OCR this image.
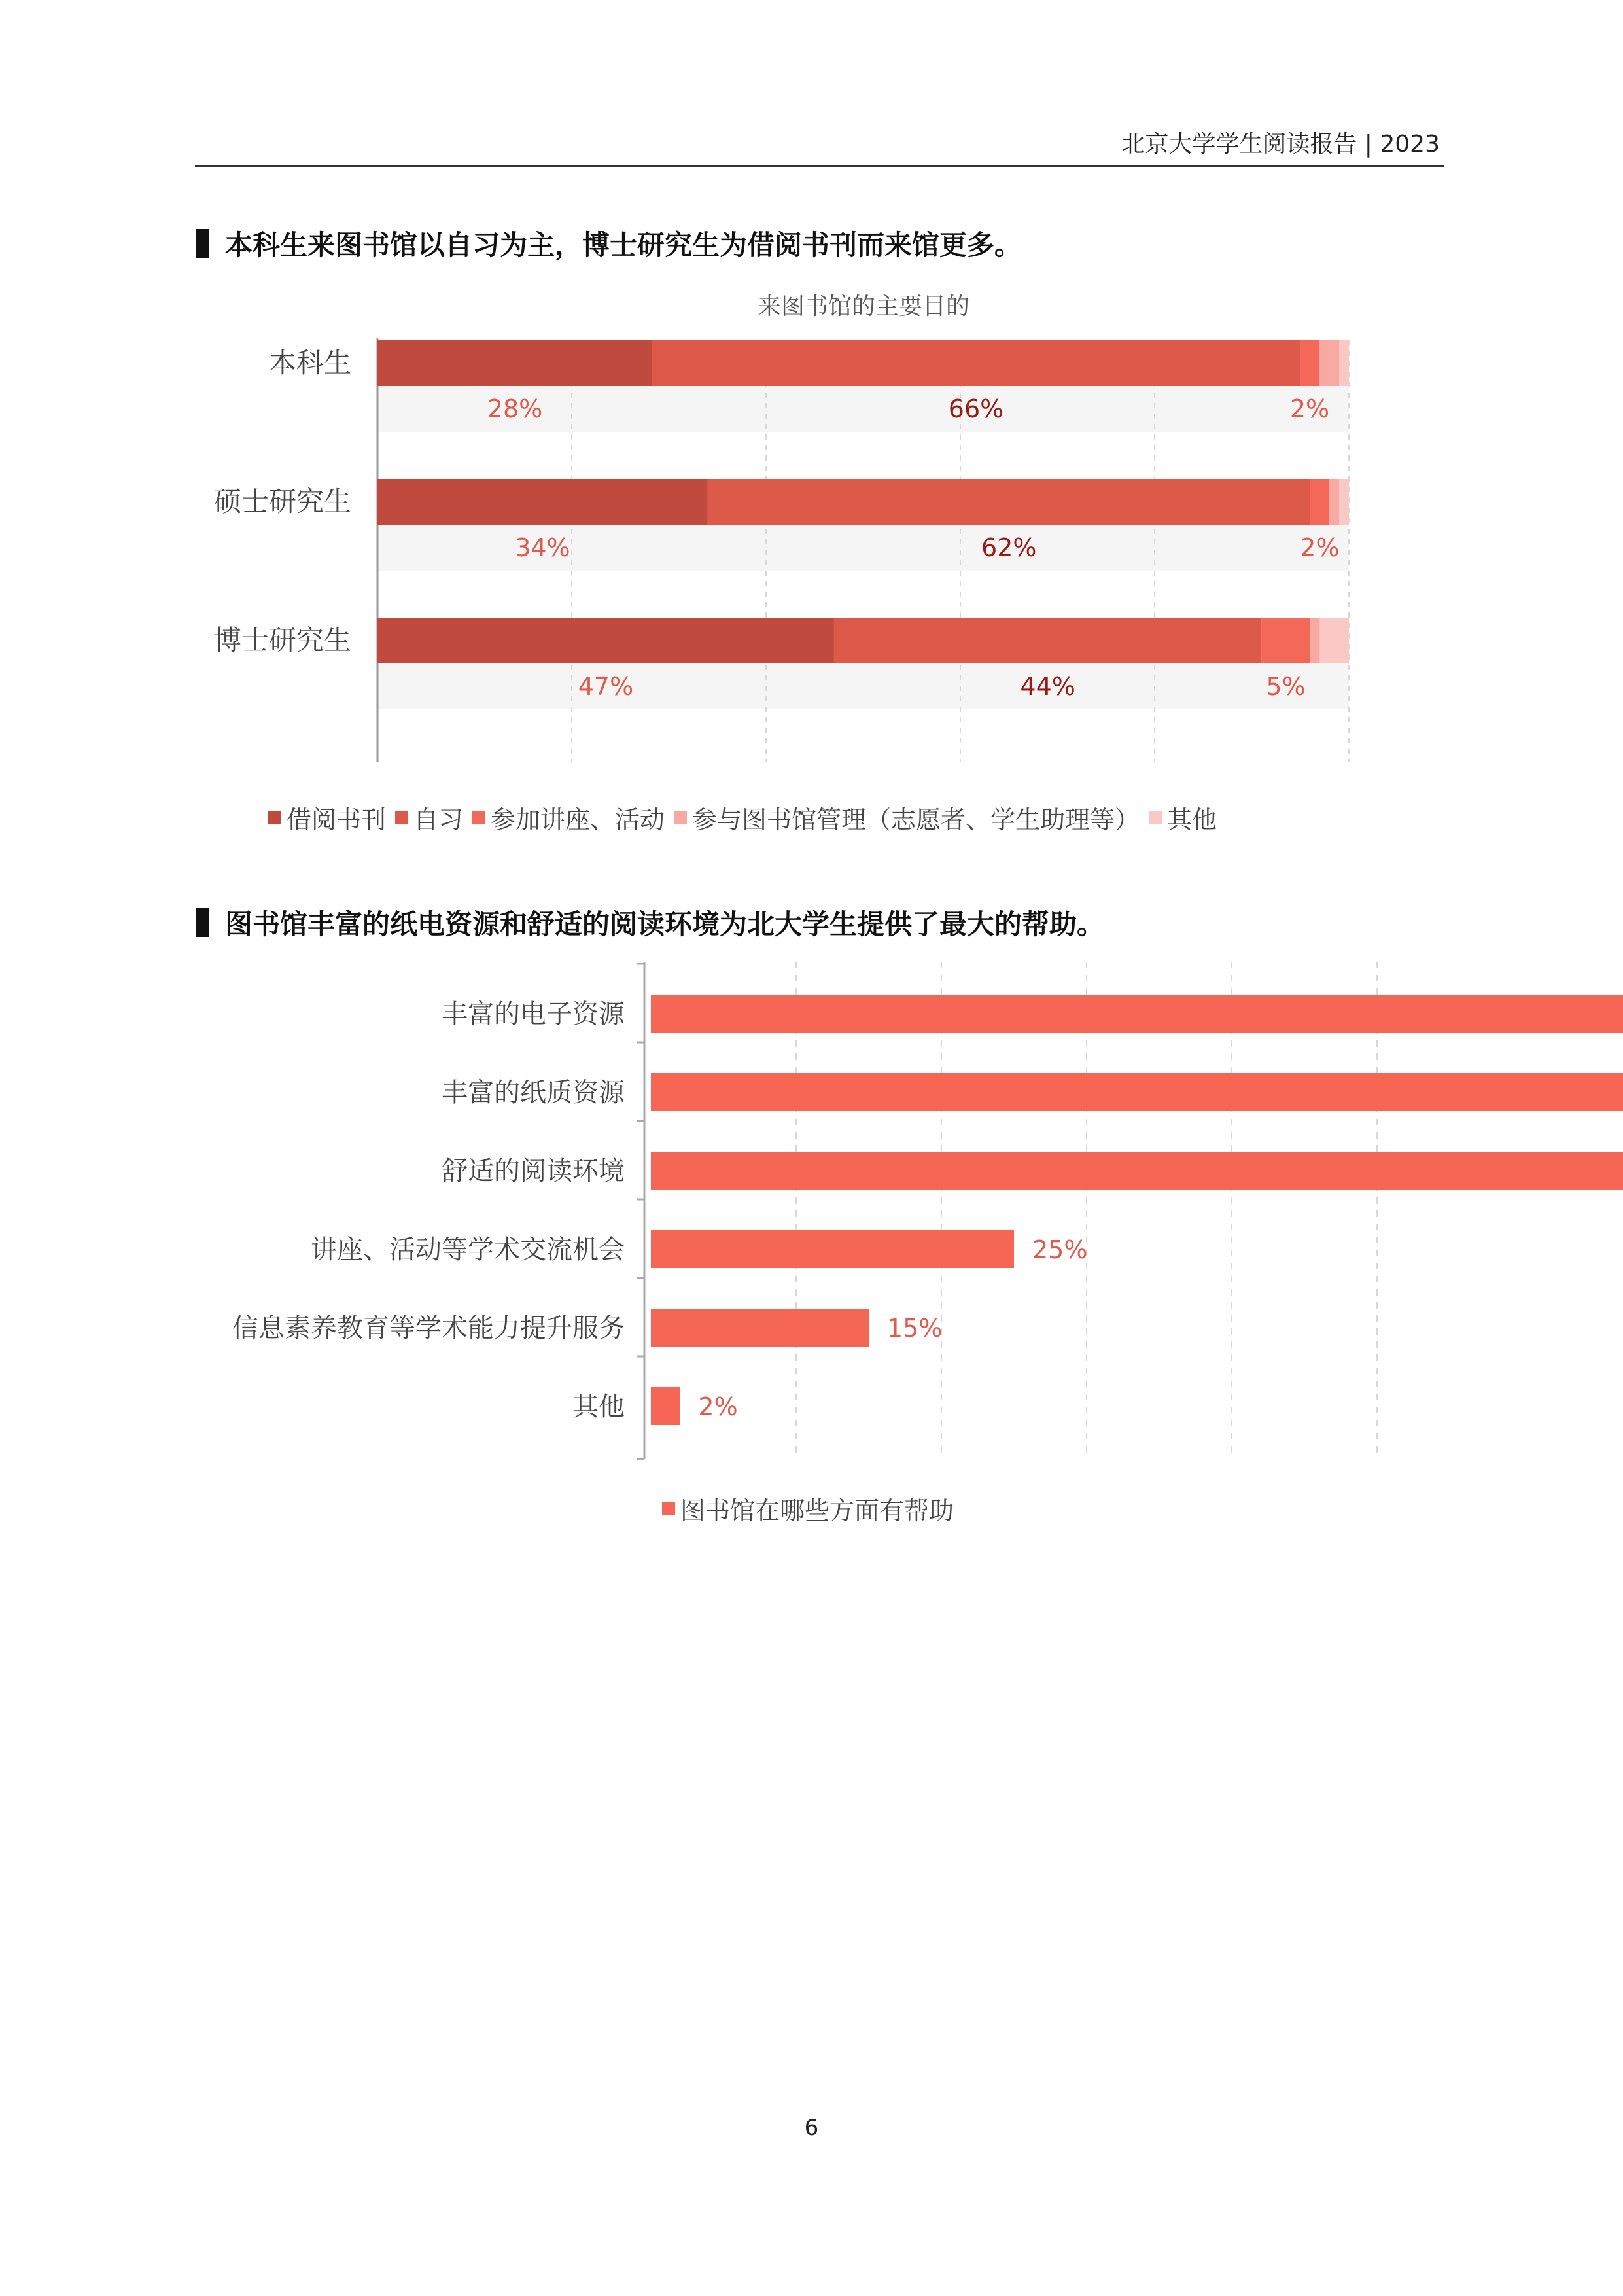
北京大学学生阅读报告 | 2023
本科生来图书馆以自习为主，博士研究生为借阅书刊而来馆更多。
来图书馆的主要目的
本科生
28%	66%	2%
硕士研究生
34%	62%	2%
博士研究生
47%	44%	5%
借阅书刊 自习 参加讲座、活动 参与图书馆管理（志愿者、学生助理等） 其他
图书馆丰富的纸电资源和舒适的阅读环境为北大学生提供了最大的帮助。
丰富的电子资源
丰富的纸质资源
舒适的阅读环境
讲座、活动等学术交流机会	25%
信息素养教育等学术能力提升服务	15%
其他	2%
图书馆在哪些方面有帮助
6
